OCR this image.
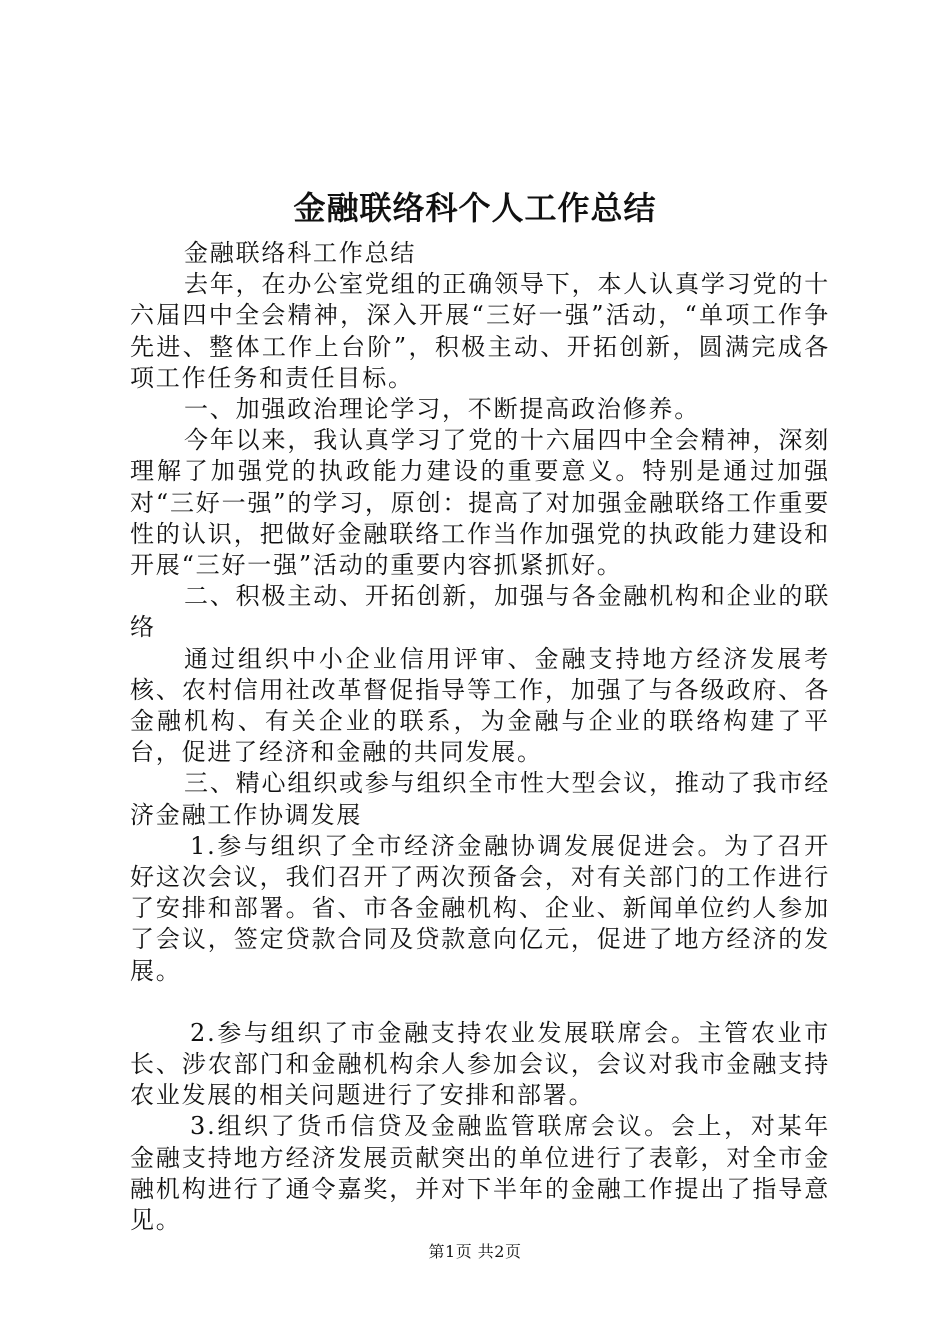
金融联络科个人工作总结

金融联络科工作总结

去年，在办公室党组的正确领导下，本人认真学习党的十六届四中全会精神，深入开展“三好一强”活动，“单项工作争先进、整体工作上台阶”，积极主动、开拓创新，圆满完成各项工作任务和责任目标。

一、加强政治理论学习，不断提高政治修养。

今年以来，我认真学习了党的十六届四中全会精神，深刻理解了加强党的执政能力建设的重要意义。特别是通过加强对“三好一强”的学习，原创：提高了对加强金融联络工作重要性的认识，把做好金融联络工作当作加强党的执政能力建设和开展“三好一强”活动的重要内容抓紧抓好。

二、积极主动、开拓创新，加强与各金融机构和企业的联络

通过组织中小企业信用评审、金融支持地方经济发展考核、农村信用社改革督促指导等工作，加强了与各级政府、各金融机构、有关企业的联系，为金融与企业的联络构建了平台，促进了经济和金融的共同发展。

三、精心组织或参与组织全市性大型会议，推动了我市经济金融工作协调发展

1.参与组织了全市经济金融协调发展促进会。为了召开好这次会议，我们召开了两次预备会，对有关部门的工作进行了安排和部署。省、市各金融机构、企业、新闻单位约人参加了会议，签定贷款合同及贷款意向亿元，促进了地方经济的发展。

2.参与组织了市金融支持农业发展联席会。主管农业市长、涉农部门和金融机构余人参加会议，会议对我市金融支持农业发展的相关问题进行了安排和部署。

3.组织了货币信贷及金融监管联席会议。会上，对某年金融支持地方经济发展贡献突出的单位进行了表彰，对全市金融机构进行了通令嘉奖，并对下半年的金融工作提出了指导意见。

第1页 共2页
